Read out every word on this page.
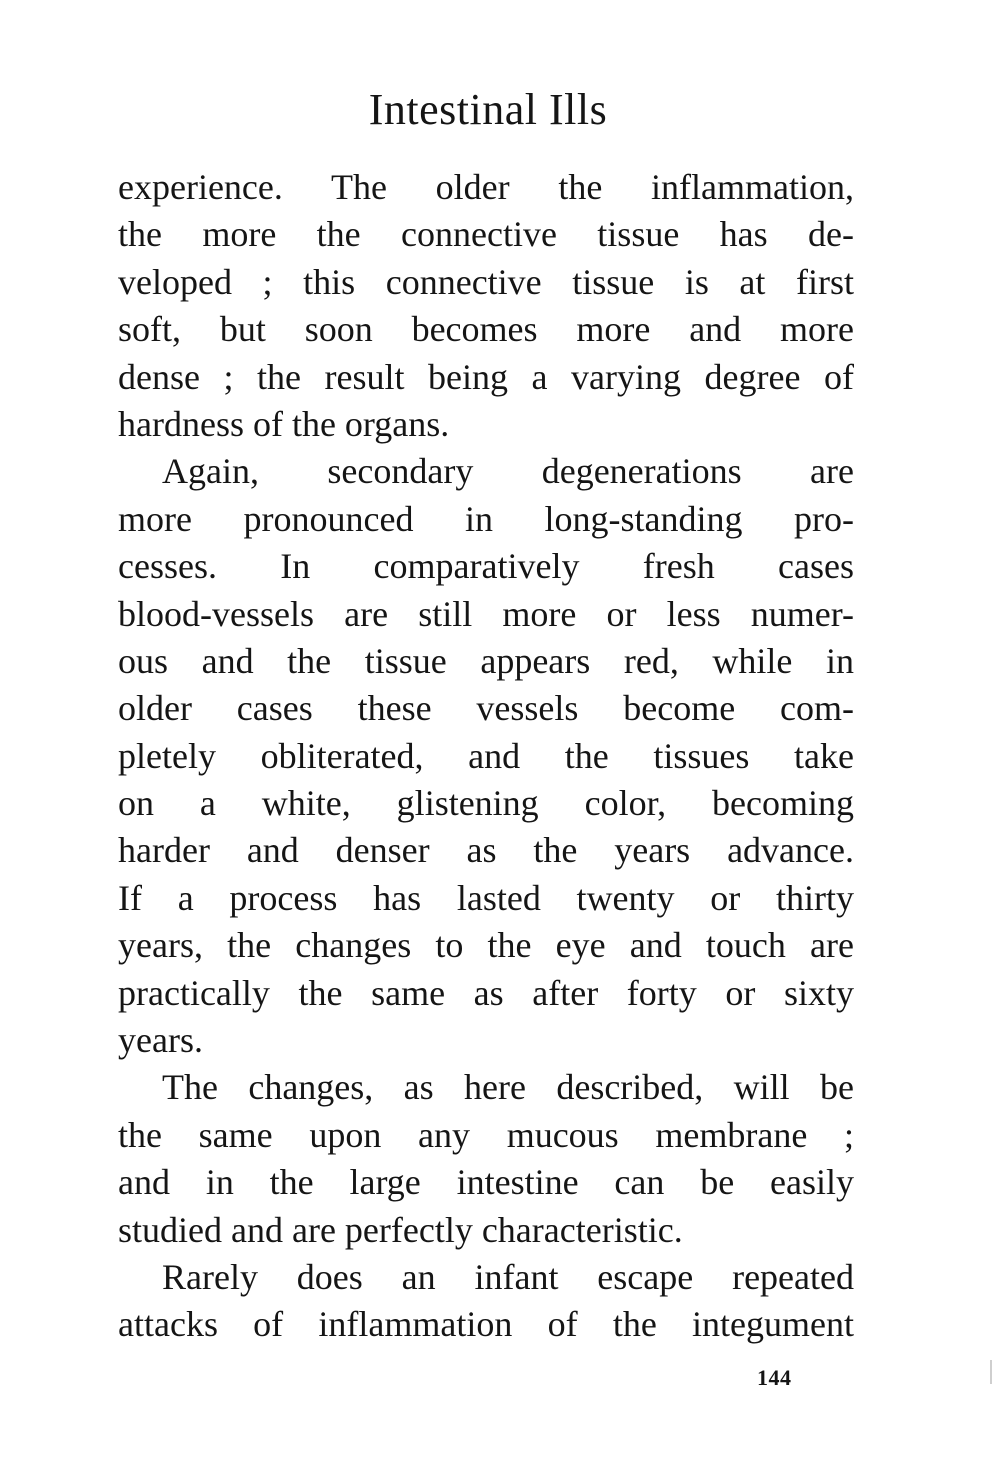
Intestinal Ills
experience. The older the inflammation,
the more the connective tissue has de-
veloped ; this connective tissue is at first
soft, but soon becomes more and more
dense ; the result being a varying degree of
hardness of the organs.
Again, secondary degenerations are
more pronounced in long-standing pro-
cesses. In comparatively fresh cases
blood-vessels are still more or less numer-
ous and the tissue appears red, while in
older cases these vessels become com-
pletely obliterated, and the tissues take
on a white, glistening color, becoming
harder and denser as the years advance.
If a process has lasted twenty or thirty
years, the changes to the eye and touch are
practically the same as after forty or sixty
years.
The changes, as here described, will be
the same upon any mucous membrane ;
and in the large intestine can be easily
studied and are perfectly characteristic.
Rarely does an infant escape repeated
attacks of inflammation of the integument
144
